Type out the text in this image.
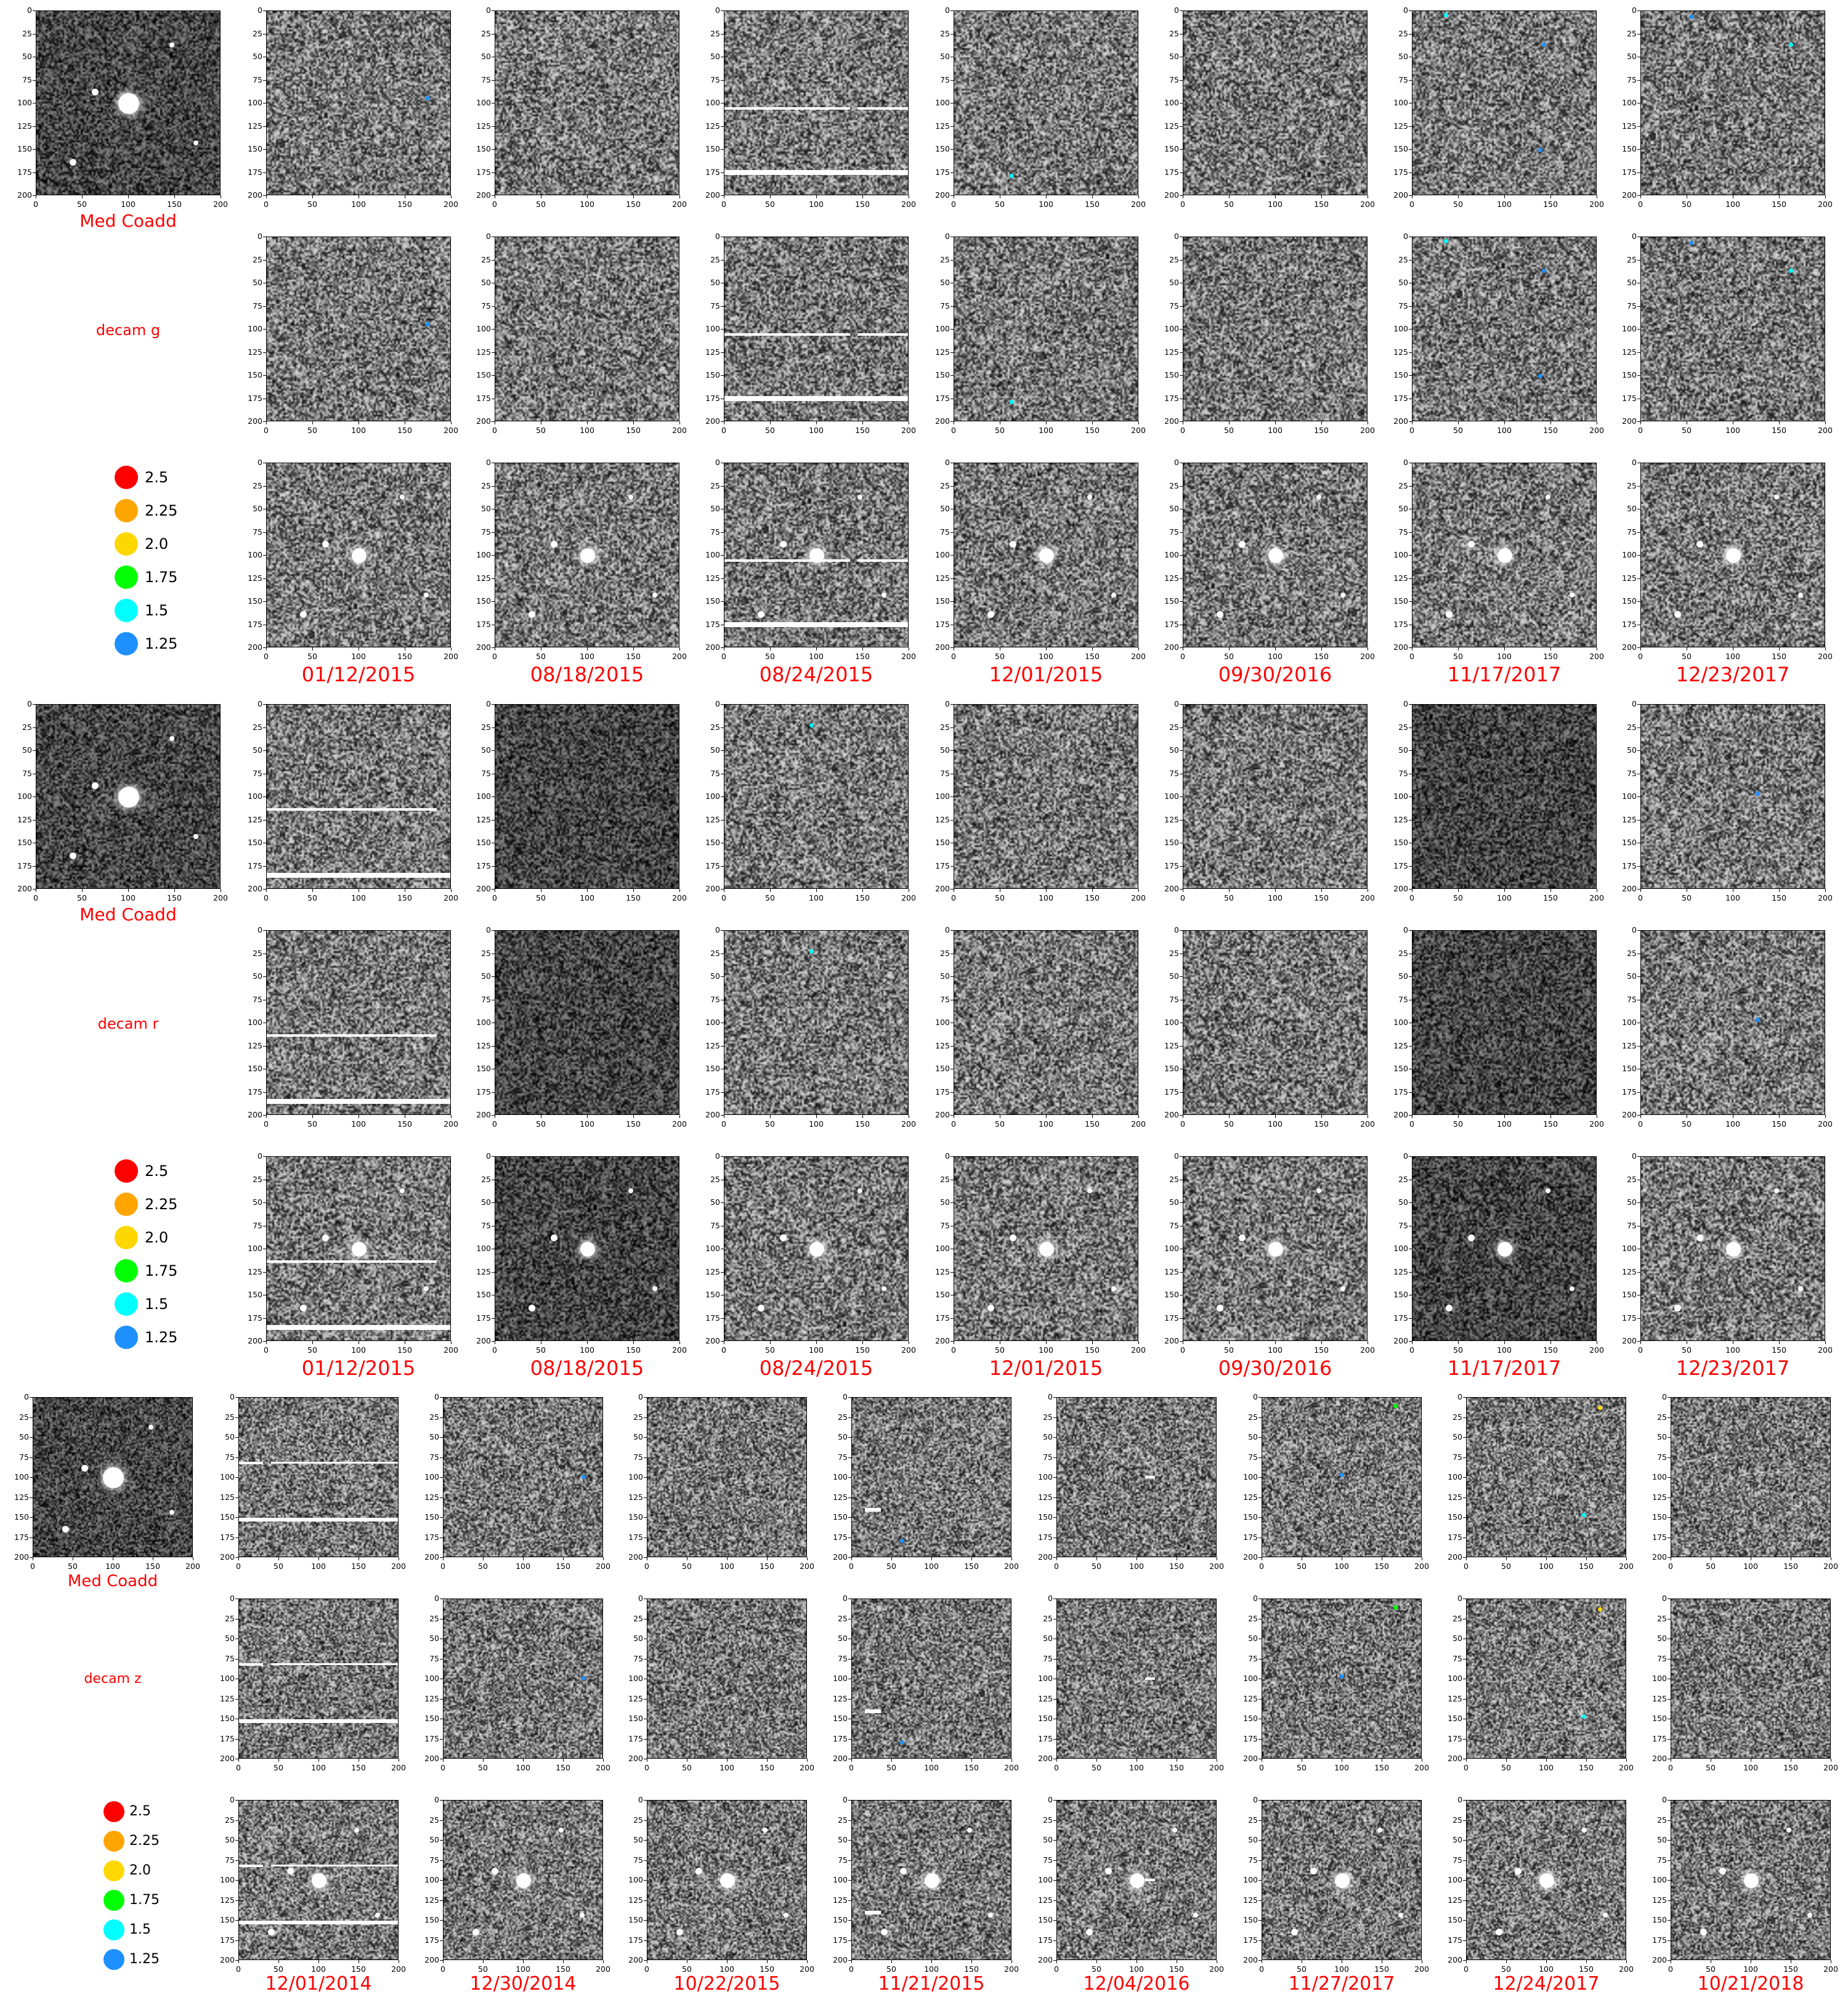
0
25
50
75
100
125
150
175
200
0	50	100	150	200
Med Coadd
decam g
2.5
2.25
2.0
1.75
1.5
1.25
0
25
50
75
100
125
150
175
200
0	50	100	150	200
0
25
50
75
100
125
150
175
200
0	50	100	150	200
0
25
50
75
100
125
150
175
200
0	50	100	150	200
01/12/2015
0
25
50
75
100
125
150
175
200
0	50	100	150	200
0
25
50
75
100
125
150
175
200
0	50	100	150	200
0
25
50
75
100
125
150
175
200
0	50	100	150	200
08/18/2015
0
25
50
75
100
125
150
175
200
0	50	100	150	200
0
25
50
75
100
125
150
175
200
0	50	100	150	200
0
25
50
75
100
125
150
175
200
0	50	100	150	200
08/24/2015
0
25
50
75
100
125
150
175
200
0	50	100	150	200
0
25
50
75
100
125
150
175
200
0	50	100	150	200
0
25
50
75
100
125
150
175
200
0	50	100	150	200
12/01/2015
0
25
50
75
100
125
150
175
200
0	50	100	150	200
0
25
50
75
100
125
150
175
200
0	50	100	150	200
0
25
50
75
100
125
150
175
200
0	50	100	150	200
09/30/2016
0
25
50
75
100
125
150
175
200
0	50	100	150	200
0
25
50
75
100
125
150
175
200
0	50	100	150	200
0
25
50
75
100
125
150
175
200
0	50	100	150	200
11/17/2017
0
25
50
75
100
125
150
175
200
0	50	100	150	200
0
25
50
75
100
125
150
175
200
0	50	100	150	200
0
25
50
75
100
125
150
175
200
0	50	100	150	200
12/23/2017
0
25
50
75
100
125
150
175
200
0	50	100	150	200
Med Coadd
decam r
2.5
2.25
2.0
1.75
1.5
1.25
0
25
50
75
100
125
150
175
200
0	50	100	150	200
0
25
50
75
100
125
150
175
200
0	50	100	150	200
0
25
50
75
100
125
150
175
200
0	50	100	150	200
01/12/2015
0
25
50
75
100
125
150
175
200
0	50	100	150	200
0
25
50
75
100
125
150
175
200
0	50	100	150	200
0
25
50
75
100
125
150
175
200
0	50	100	150	200
08/18/2015
0
25
50
75
100
125
150
175
200
0	50	100	150	200
0
25
50
75
100
125
150
175
200
0	50	100	150	200
0
25
50
75
100
125
150
175
200
0	50	100	150	200
08/24/2015
0
25
50
75
100
125
150
175
200
0	50	100	150	200
0
25
50
75
100
125
150
175
200
0	50	100	150	200
0
25
50
75
100
125
150
175
200
0	50	100	150	200
12/01/2015
0
25
50
75
100
125
150
175
200
0	50	100	150	200
0
25
50
75
100
125
150
175
200
0	50	100	150	200
0
25
50
75
100
125
150
175
200
0	50	100	150	200
09/30/2016
0
25
50
75
100
125
150
175
200
0	50	100	150	200
0
25
50
75
100
125
150
175
200
0	50	100	150	200
0
25
50
75
100
125
150
175
200
0	50	100	150	200
11/17/2017
0
25
50
75
100
125
150
175
200
0	50	100	150	200
0
25
50
75
100
125
150
175
200
0	50	100	150	200
0
25
50
75
100
125
150
175
200
0	50	100	150	200
12/23/2017
0
25
50
75
100
125
150
175
200
0	50	100	150	200
Med Coadd
decam z
2.5
2.25
2.0
1.75
1.5
1.25
0
25
50
75
100
125
150
175
200
0	50	100	150	200
0
25
50
75
100
125
150
175
200
0	50	100	150	200
0
25
50
75
100
125
150
175
200
0	50	100	150	200
12/01/2014
0
25
50
75
100
125
150
175
200
0	50	100	150	200
0
25
50
75
100
125
150
175
200
0	50	100	150	200
0
25
50
75
100
125
150
175
200
0	50	100	150	200
12/30/2014
0
25
50
75
100
125
150
175
200
0	50	100	150	200
0
25
50
75
100
125
150
175
200
0	50	100	150	200
0
25
50
75
100
125
150
175
200
0	50	100	150	200
10/22/2015
0
25
50
75
100
125
150
175
200
0	50	100	150	200
0
25
50
75
100
125
150
175
200
0	50	100	150	200
0
25
50
75
100
125
150
175
200
0	50	100	150	200
11/21/2015
0
25
50
75
100
125
150
175
200
0	50	100	150	200
0
25
50
75
100
125
150
175
200
0	50	100	150	200
0
25
50
75
100
125
150
175
200
0	50	100	150	200
12/04/2016
0
25
50
75
100
125
150
175
200
0	50	100	150	200
0
25
50
75
100
125
150
175
200
0	50	100	150	200
0
25
50
75
100
125
150
175
200
0	50	100	150	200
11/27/2017
0
25
50
75
100
125
150
175
200
0	50	100	150	200
0
25
50
75
100
125
150
175
200
0	50	100	150	200
0
25
50
75
100
125
150
175
200
0	50	100	150	200
12/24/2017
0
25
50
75
100
125
150
175
200
0	50	100	150	200
0
25
50
75
100
125
150
175
200
0	50	100	150	200
0
25
50
75
100
125
150
175
200
0	50	100	150	200
10/21/2018
